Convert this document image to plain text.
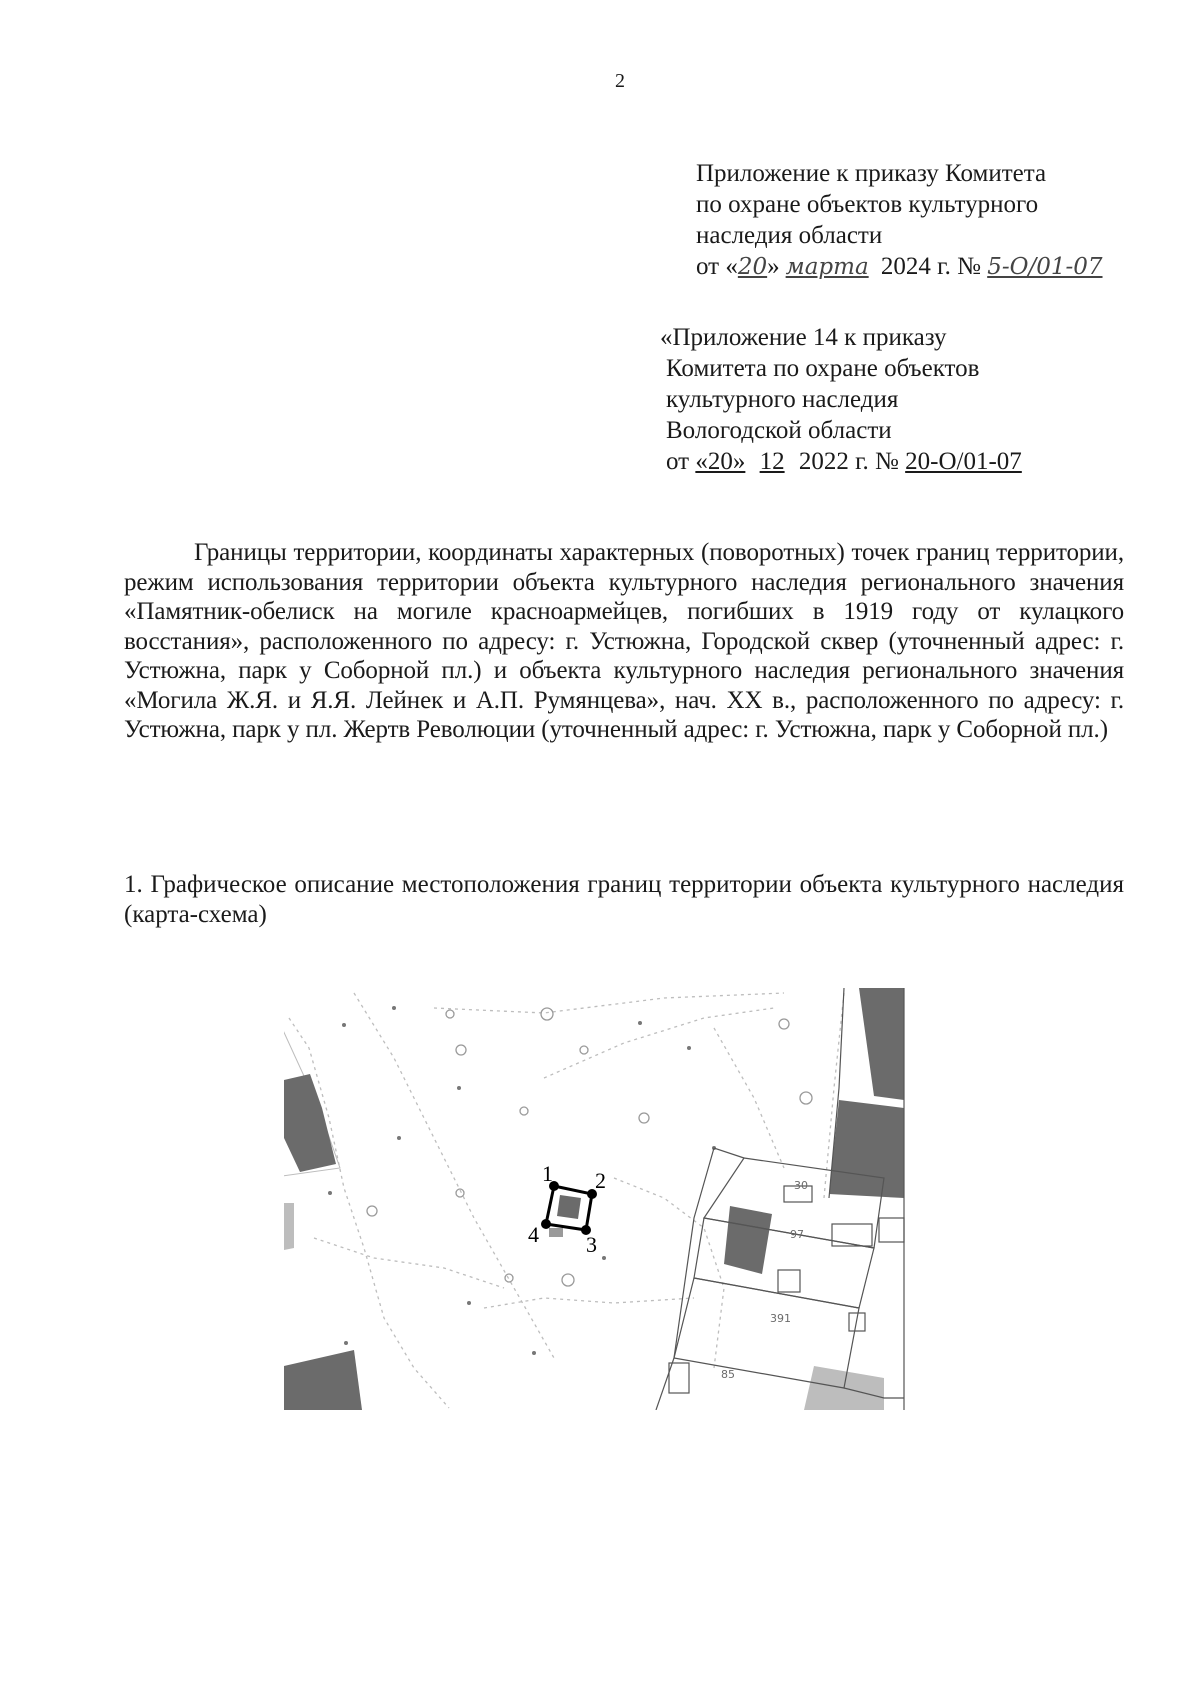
2
Приложение к приказу Комитета
по охране объектов культурного
наследия области
от «20» марта 2024 г. № 5-О/01-07
«Приложение 14 к приказу
Комитета по охране объектов
культурного наследия
Вологодской области
от «20» 12 2022 г. № 20-О/01-07
Границы территории, координаты характерных (поворотных) точек границ территории, режим использования территории объекта культурного наследия регионального значения «Памятник-обелиск на могиле красноармейцев, погибших в 1919 году от кулацкого восстания», расположенного по адресу: г. Устюжна, Городской сквер (уточненный адрес: г. Устюжна, парк у Соборной пл.) и объекта культурного наследия регионального значения «Могила Ж.Я. и Я.Я. Лейнек и А.П. Румянцева», нач. XX в., расположенного по адресу: г. Устюжна, парк у пл. Жертв Революции (уточненный адрес: г. Устюжна, парк у Соборной пл.)
1. Графическое описание местоположения границ территории объекта культурного наследия (карта-схема)
30
97
391
85
1 2
3
4
